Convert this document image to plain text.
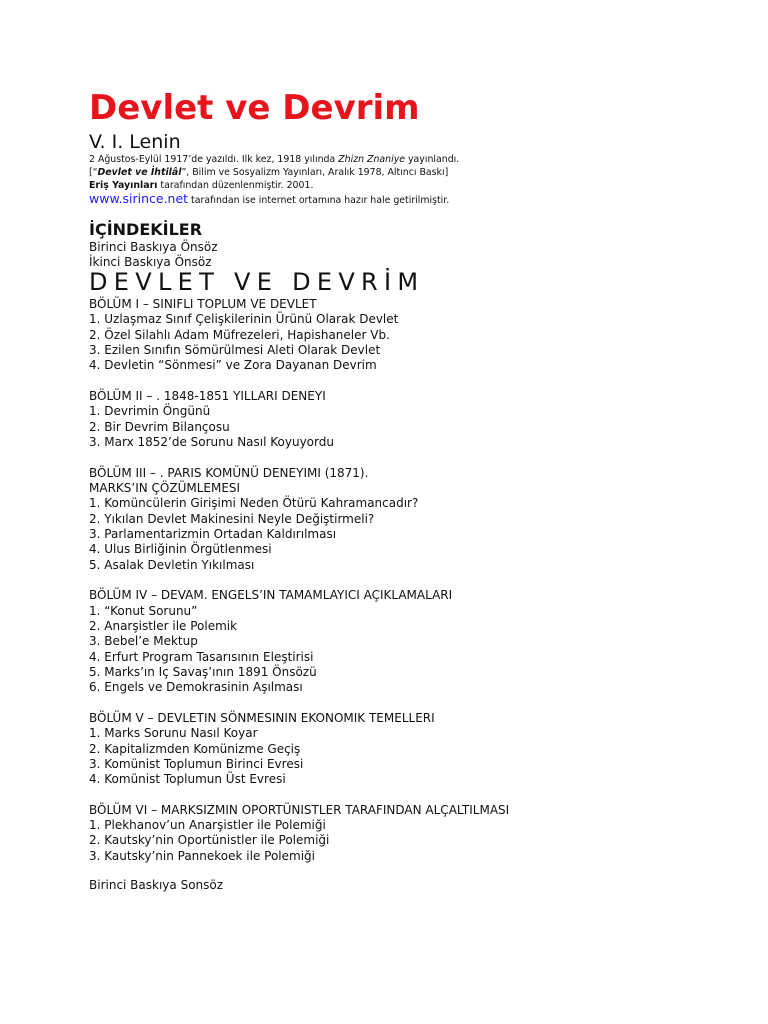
Devlet ve Devrim
V. I. Lenin
2 Ağustos-Eylül 1917’de yazıldı. Ilk kez, 1918 yılında Zhizn Znaniye yayınlandı.
[“Devlet ve İhtilâl”, Bilim ve Sosyalizm Yayınları, Aralık 1978, Altıncı Baskı]
Eriş Yayınları tarafından düzenlenmiştir. 2001.
www.sirince.net tarafından ise internet ortamına hazır hale getirilmiştir.
İÇİNDEKİLER
Birinci Baskıya Önsöz
İkinci Baskıya Önsöz
DEVLET VE DEVRİM
BÖLÜM I – SINIFLI TOPLUM VE DEVLET
1. Uzlaşmaz Sınıf Çelişkilerinin Ürünü Olarak Devlet
2. Özel Silahlı Adam Müfrezeleri, Hapishaneler Vb.
3. Ezilen Sınıfın Sömürülmesi Aleti Olarak Devlet
4. Devletin “Sönmesi” ve Zora Dayanan Devrim
BÖLÜM II – . 1848-1851 YILLARI DENEYI
1. Devrimin Öngünü
2. Bir Devrim Bilançosu
3. Marx 1852’de Sorunu Nasıl Koyuyordu
BÖLÜM III – . PARIS KOMÜNÜ DENEYIMI (1871).
MARKS’IN ÇÖZÜMLEMESI
1. Komüncülerin Girişimi Neden Ötürü Kahramancadır?
2. Yıkılan Devlet Makinesini Neyle Değiştirmeli?
3. Parlamentarizmin Ortadan Kaldırılması
4. Ulus Birliğinin Örgütlenmesi
5. Asalak Devletin Yıkılması
BÖLÜM IV – DEVAM. ENGELS’IN TAMAMLAYICI AÇIKLAMALARI
1. “Konut Sorunu”
2. Anarşistler ile Polemik
3. Bebel’e Mektup
4. Erfurt Program Tasarısının Eleştirisi
5. Marks’ın Iç Savaş’ının 1891 Önsözü
6. Engels ve Demokrasinin Aşılması
BÖLÜM V – DEVLETIN SÖNMESININ EKONOMIK TEMELLERI
1. Marks Sorunu Nasıl Koyar
2. Kapitalizmden Komünizme Geçiş
3. Komünist Toplumun Birinci Evresi
4. Komünist Toplumun Üst Evresi
BÖLÜM VI – MARKSIZMIN OPORTÜNISTLER TARAFINDAN ALÇALTILMASI
1. Plekhanov’un Anarşistler ile Polemiği
2. Kautsky’nin Oportünistler ile Polemiği
3. Kautsky’nin Pannekoek ile Polemiği
Birinci Baskıya Sonsöz
